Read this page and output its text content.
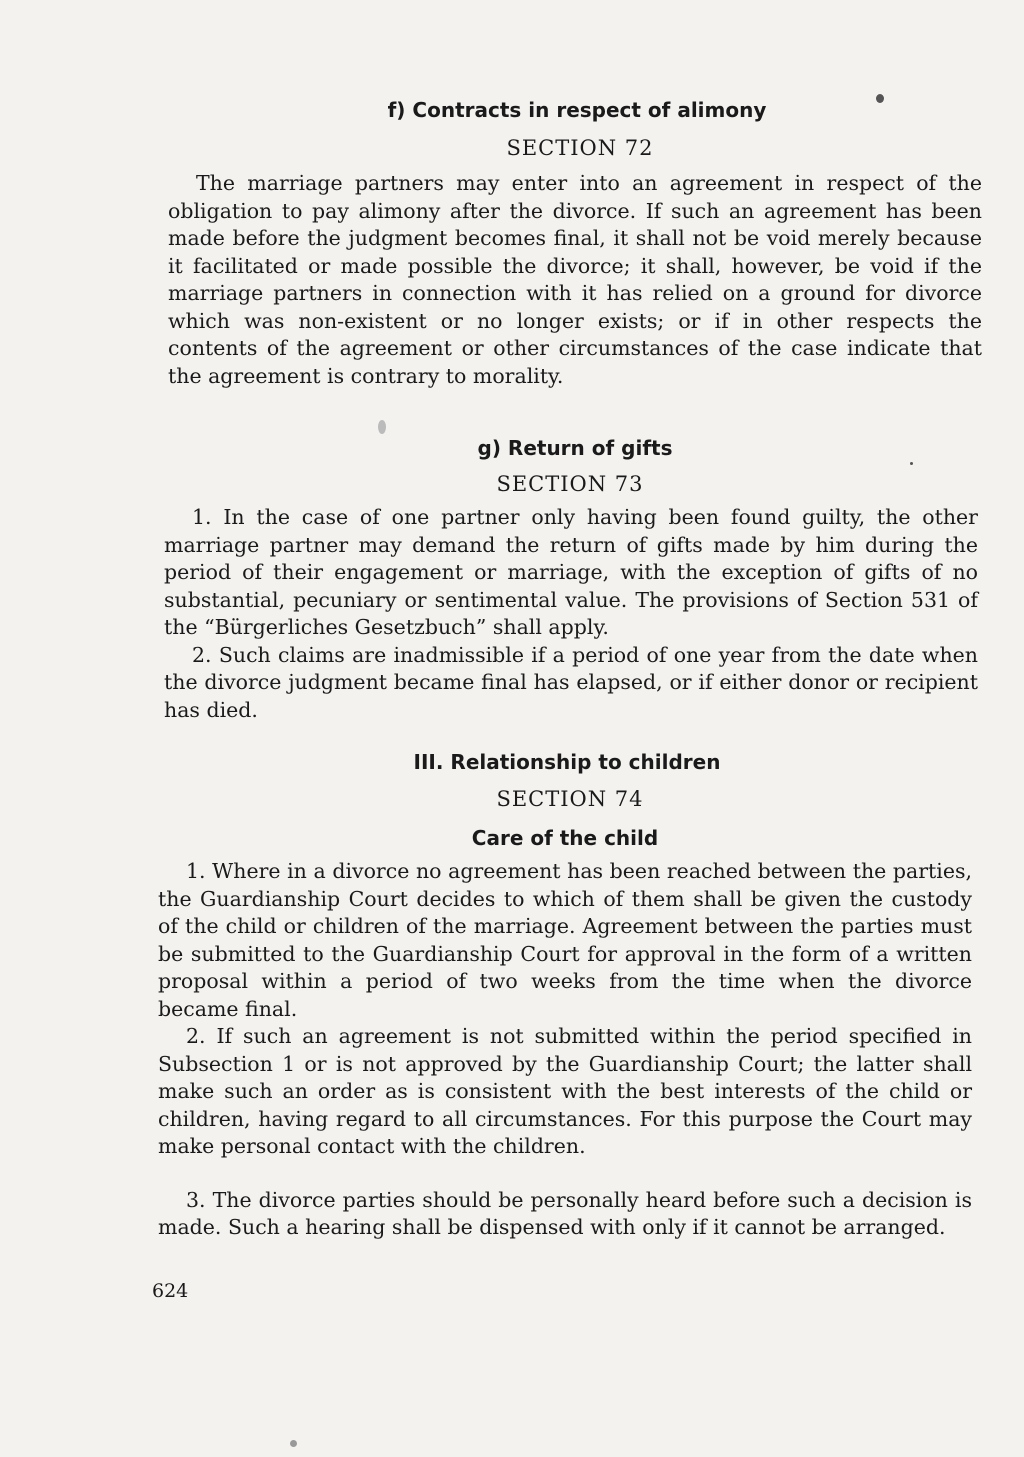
f) Contracts in respect of alimony
SECTION 72

The marriage partners may enter into an agreement in respect of the obligation to pay alimony after the divorce. If such an agreement has been made before the judgment becomes final, it shall not be void merely because it facilitated or made possible the divorce; it shall, however, be void if the marriage partners in connection with it has relied on a ground for divorce which was non-existent or no longer exists; or if in other respects the contents of the agreement or other circumstances of the case indicate that the agreement is contrary to morality.

g) Return of gifts
SECTION 73

1. In the case of one partner only having been found guilty, the other marriage partner may demand the return of gifts made by him during the period of their engagement or marriage, with the exception of gifts of no substantial, pecuniary or sentimental value. The provisions of Section 531 of the “Bürgerliches Gesetzbuch” shall apply.

2. Such claims are inadmissible if a period of one year from the date when the divorce judgment became final has elapsed, or if either donor or recipient has died.

III. Relationship to children
SECTION 74
Care of the child

1. Where in a divorce no agreement has been reached between the parties, the Guardianship Court decides to which of them shall be given the custody of the child or children of the marriage. Agreement between the parties must be submitted to the Guardianship Court for approval in the form of a written proposal within a period of two weeks from the time when the divorce became final.

2. If such an agreement is not submitted within the period specified in Subsection 1 or is not approved by the Guardianship Court; the latter shall make such an order as is consistent with the best interests of the child or children, having regard to all circumstances. For this purpose the Court may make personal contact with the children.

3. The divorce parties should be personally heard before such a decision is made. Such a hearing shall be dispensed with only if it cannot be arranged.

624
